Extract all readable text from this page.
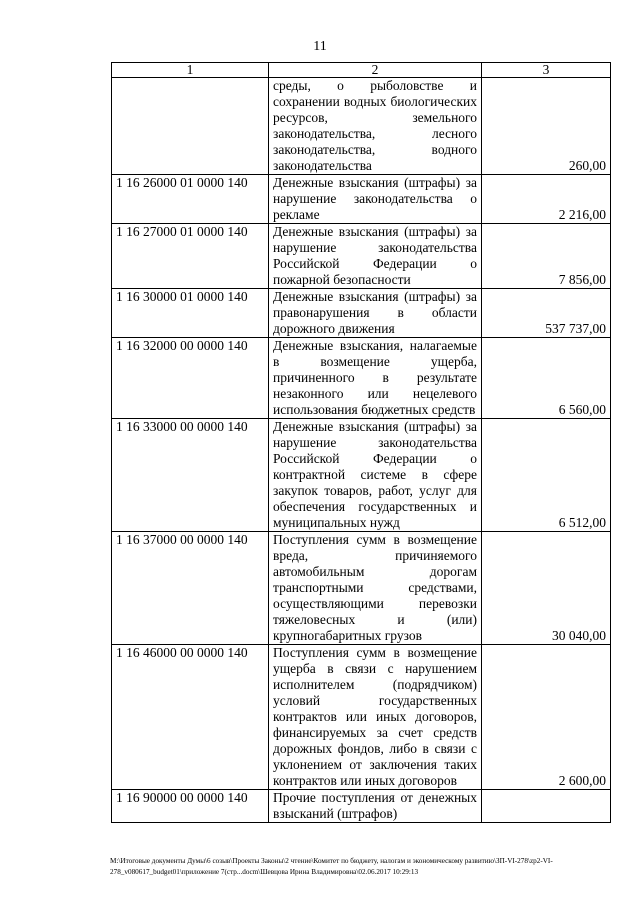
11
1	2	3
	среды, о рыболовстве и сохранении водных биологических ресурсов, земельного законодательства, лесного законодательства, водного законодательства	260,00
1 16 26000 01 0000 140	Денежные взыскания (штрафы) за нарушение законодательства о рекламе	2 216,00
1 16 27000 01 0000 140	Денежные взыскания (штрафы) за нарушение законодательства Российской Федерации о пожарной безопасности	7 856,00
1 16 30000 01 0000 140	Денежные взыскания (штрафы) за правонарушения в области дорожного движения	537 737,00
1 16 32000 00 0000 140	Денежные взыскания, налагаемые в возмещение ущерба, причиненного в результате незаконного или нецелевого использования бюджетных средств	6 560,00
1 16 33000 00 0000 140	Денежные взыскания (штрафы) за нарушение законодательства Российской Федерации о контрактной системе в сфере закупок товаров, работ, услуг для обеспечения государственных и муниципальных нужд	6 512,00
1 16 37000 00 0000 140	Поступления сумм в возмещение вреда, причиняемого автомобильным дорогам транспортными средствами, осуществляющими перевозки тяжеловесных и (или) крупногабаритных грузов	30 040,00
1 16 46000 00 0000 140	Поступления сумм в возмещение ущерба в связи с нарушением исполнителем (подрядчиком) условий государственных контрактов или иных договоров, финансируемых за счет средств дорожных фондов, либо в связи с уклонением от заключения таких контрактов или иных договоров	2 600,00
1 16 90000 00 0000 140	Прочие поступления от денежных взысканий (штрафов)	
М:\Итоговые документы Думы\6 созыв\Проекты Законы\2 чтение\Комитет по бюджету, налогам и экономическому развитию\ЗП-VI-278\zp2-VI-278_v080617_budget01\приложение 7(стр...docm\Шевцова Ирина Владимировна\02.06.2017 10:29:13
